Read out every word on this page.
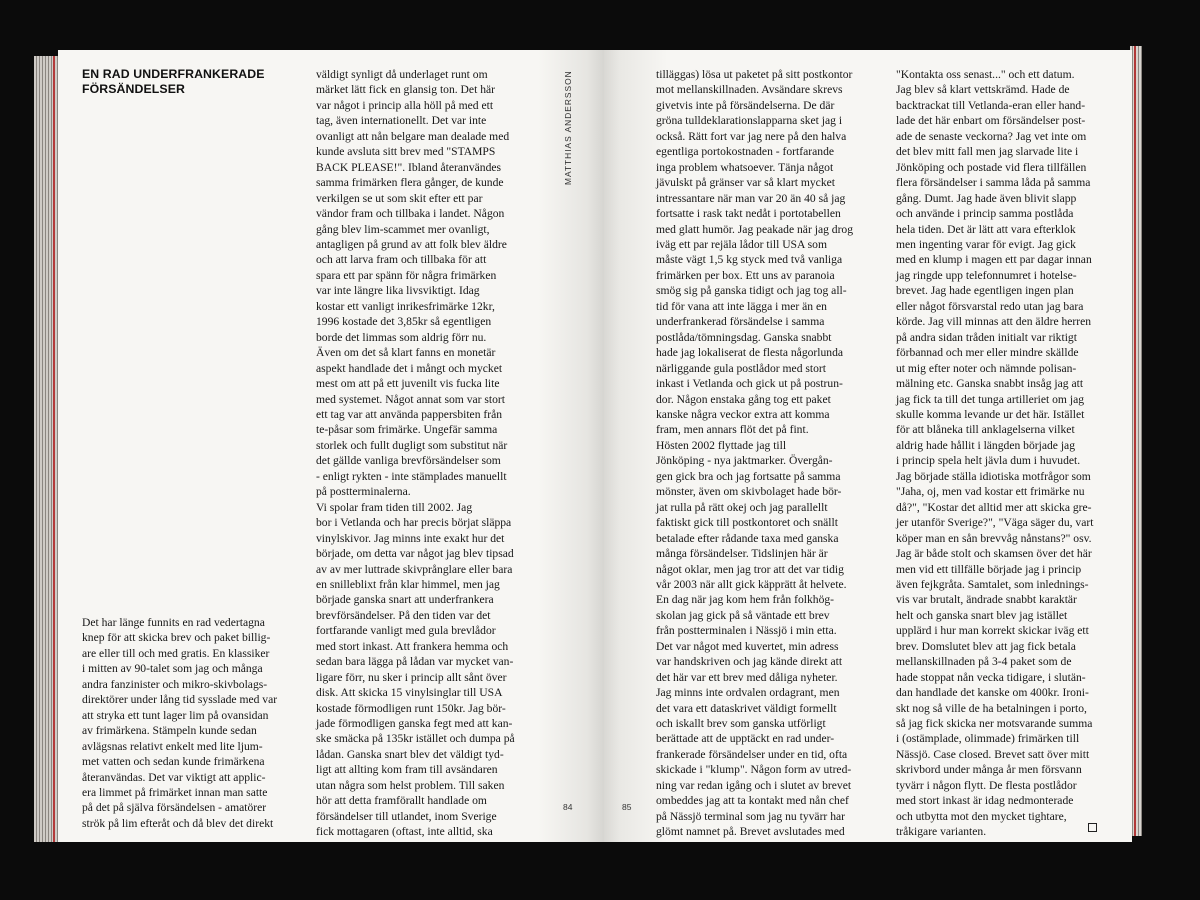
EN RAD UNDERFRANKERADE
FÖRSÄNDELSER

Det har länge funnits en rad vedertagna
knep för att skicka brev och paket billig-
are eller till och med gratis. En klassiker
i mitten av 90-talet som jag och många
andra fanzinister och mikro-skivbolags-
direktörer under lång tid sysslade med var
att stryka ett tunt lager lim på ovansidan
av frimärkena. Stämpeln kunde sedan
avlägsnas relativt enkelt med lite ljum-
met vatten och sedan kunde frimärkena
återanvändas. Det var viktigt att applic-
era limmet på frimärket innan man satte
på det på själva försändelsen - amatörer
strök på lim efteråt och då blev det direkt

väldigt synligt då underlaget runt om
märket lätt fick en glansig ton. Det här
var något i princip alla höll på med ett
tag, även internationellt. Det var inte
ovanligt att nån belgare man dealade med
kunde avsluta sitt brev med "STAMPS
BACK PLEASE!". Ibland återanvändes
samma frimärken flera gånger, de kunde
verkilgen se ut som skit efter ett par
vändor fram och tillbaka i landet. Någon
gång blev lim-scammet mer ovanligt,
antagligen på grund av att folk blev äldre
och att larva fram och tillbaka för att
spara ett par spänn för några frimärken
var inte längre lika livsviktigt. Idag
kostar ett vanligt inrikesfrimärke 12kr,
1996 kostade det 3,85kr så egentligen
borde det limmas som aldrig förr nu.
Även om det så klart fanns en monetär
aspekt handlade det i mångt och mycket
mest om att på ett juvenilt vis fucka lite
med systemet. Något annat som var stort
ett tag var att använda pappersbiten från
te-påsar som frimärke. Ungefär samma
storlek och fullt dugligt som substitut när
det gällde vanliga brevförsändelser som
- enligt rykten - inte stämplades manuellt
på postterminalerna.
Vi spolar fram tiden till 2002. Jag
bor i Vetlanda och har precis börjat släppa
vinylskivor. Jag minns inte exakt hur det
började, om detta var något jag blev tipsad
av av mer luttrade skivprånglare eller bara
en snilleblixt från klar himmel, men jag
började ganska snart att underfrankera
brevförsändelser. På den tiden var det
fortfarande vanligt med gula brevlådor
med stort inkast. Att frankera hemma och
sedan bara lägga på lådan var mycket van-
ligare förr, nu sker i princip allt sånt över
disk. Att skicka 15 vinylsinglar till USA
kostade förmodligen runt 150kr. Jag bör-
jade förmodligen ganska fegt med att kan-
ske smäcka på 135kr istället och dumpa på
lådan. Ganska snart blev det väldigt tyd-
ligt att allting kom fram till avsändaren
utan några som helst problem. Till saken
hör att detta framförallt handlade om
försändelser till utlandet, inom Sverige
fick mottagaren (oftast, inte alltid, ska

MATTHIAS ANDERSSON
84

tilläggas) lösa ut paketet på sitt postkontor
mot mellanskillnaden. Avsändare skrevs
givetvis inte på försändelserna. De där
gröna tulldeklarationslapparna sket jag i
också. Rätt fort var jag nere på den halva
egentliga portokostnaden - fortfarande
inga problem whatsoever. Tänja något
jävulskt på gränser var så klart mycket
intressantare när man var 20 än 40 så jag
fortsatte i rask takt nedåt i portotabellen
med glatt humör. Jag peakade när jag drog
iväg ett par rejäla lådor till USA som
måste vägt 1,5 kg styck med två vanliga
frimärken per box. Ett uns av paranoia
smög sig på ganska tidigt och jag tog all-
tid för vana att inte lägga i mer än en
underfrankerad försändelse i samma
postlåda/tömningsdag. Ganska snabbt
hade jag lokaliserat de flesta någorlunda
närliggande gula postlådor med stort
inkast i Vetlanda och gick ut på postrun-
dor. Någon enstaka gång tog ett paket
kanske några veckor extra att komma
fram, men annars flöt det på fint.
Hösten 2002 flyttade jag till
Jönköping - nya jaktmarker. Övergån-
gen gick bra och jag fortsatte på samma
mönster, även om skivbolaget hade bör-
jat rulla på rätt okej och jag parallellt
faktiskt gick till postkontoret och snällt
betalade efter rådande taxa med ganska
många försändelser. Tidslinjen här är
något oklar, men jag tror att det var tidig
vår 2003 när allt gick käpprätt åt helvete.
En dag när jag kom hem från folkhög-
skolan jag gick på så väntade ett brev
från postterminalen i Nässjö i min etta.
Det var något med kuvertet, min adress
var handskriven och jag kände direkt att
det här var ett brev med dåliga nyheter.
Jag minns inte ordvalen ordagrant, men
det vara ett dataskrivet väldigt formellt
och iskallt brev som ganska utförligt
berättade att de upptäckt en rad under-
frankerade försändelser under en tid, ofta
skickade i "klump". Någon form av utred-
ning var redan igång och i slutet av brevet
ombeddes jag att ta kontakt med nån chef
på Nässjö terminal som jag nu tyvärr har
glömt namnet på. Brevet avslutades med

"Kontakta oss senast..." och ett datum.
Jag blev så klart vettskrämd. Hade de
backtrackat till Vetlanda-eran eller hand-
lade det här enbart om försändelser post-
ade de senaste veckorna? Jag vet inte om
det blev mitt fall men jag slarvade lite i
Jönköping och postade vid flera tillfällen
flera försändelser i samma låda på samma
gång. Dumt. Jag hade även blivit slapp
och använde i princip samma postlåda
hela tiden. Det är lätt att vara efterklok
men ingenting varar för evigt. Jag gick
med en klump i magen ett par dagar innan
jag ringde upp telefonnumret i hotelse-
brevet. Jag hade egentligen ingen plan
eller något försvarstal redo utan jag bara
körde. Jag vill minnas att den äldre herren
på andra sidan tråden initialt var riktigt
förbannad och mer eller mindre skällde
ut mig efter noter och nämnde polisan-
mälning etc. Ganska snabbt insåg jag att
jag fick ta till det tunga artilleriet om jag
skulle komma levande ur det här. Istället
för att blåneka till anklagelserna vilket
aldrig hade hållit i längden började jag
i princip spela helt jävla dum i huvudet.
Jag började ställa idiotiska motfrågor som
"Jaha, oj, men vad kostar ett frimärke nu
då?", "Kostar det alltid mer att skicka gre-
jer utanför Sverige?", "Väga säger du, vart
köper man en sån brevvåg nånstans?" osv.
Jag är både stolt och skamsen över det här
men vid ett tillfälle började jag i princip
även fejkgråta. Samtalet, som inlednings-
vis var brutalt, ändrade snabbt karaktär
helt och ganska snart blev jag istället
upplärd i hur man korrekt skickar iväg ett
brev. Domslutet blev att jag fick betala
mellanskillnaden på 3-4 paket som de
hade stoppat nån vecka tidigare, i slutän-
dan handlade det kanske om 400kr. Ironi-
skt nog så ville de ha betalningen i porto,
så jag fick skicka ner motsvarande summa
i (ostämplade, olimmade) frimärken till
Nässjö. Case closed. Brevet satt över mitt
skrivbord under många år men försvann
tyvärr i någon flytt. De flesta postlådor
med stort inkast är idag nedmonterade
och utbytta mot den mycket tightare,
tråkigare varianten.

85
